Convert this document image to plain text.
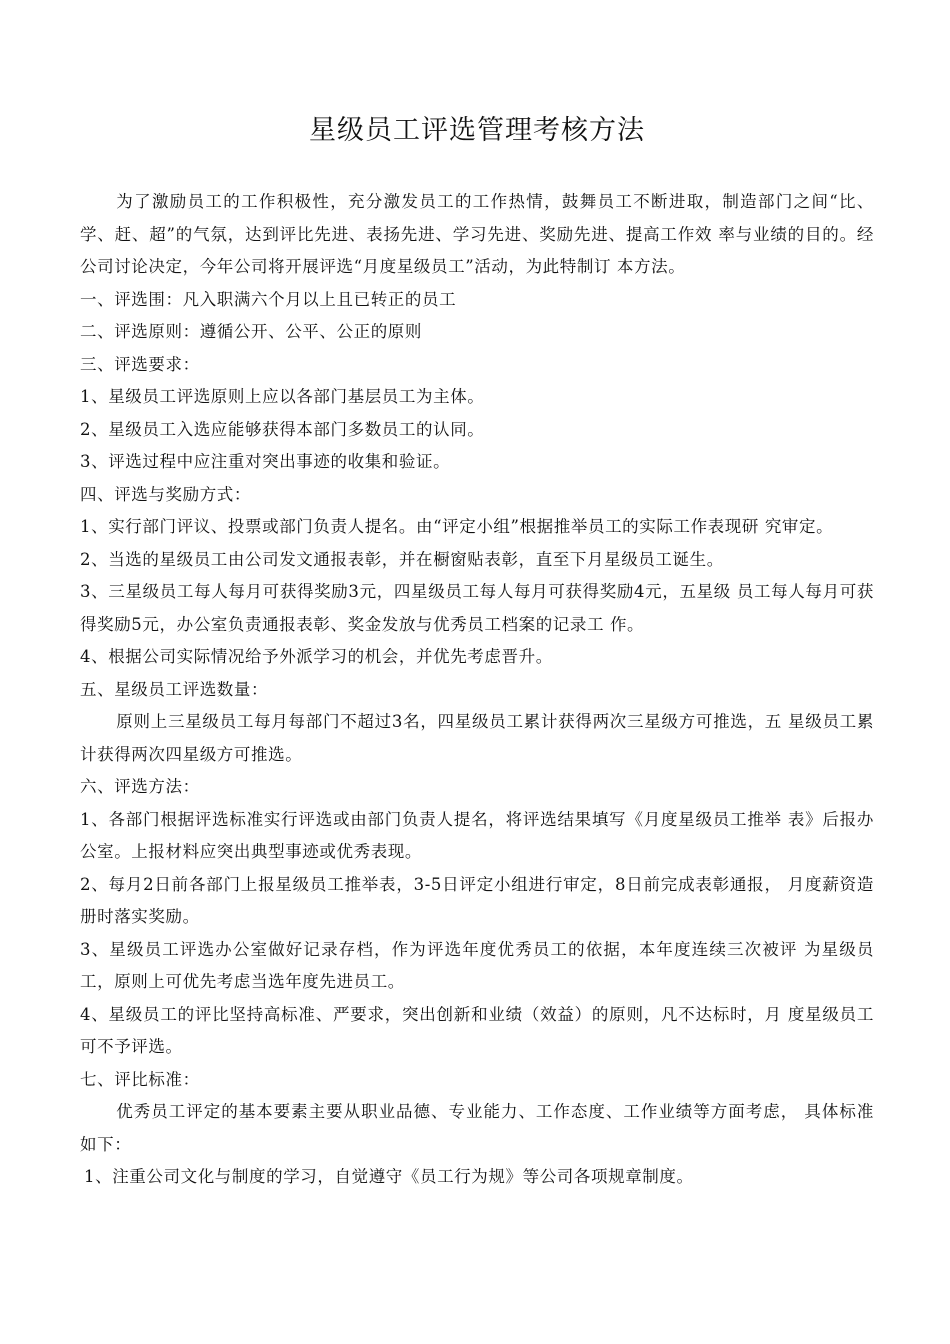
星级员工评选管理考核方法

为了激励员工的工作积极性，充分激发员工的工作热情，鼓舞员工不断进取，制造部门之间“比、学、赶、超”的气氛，达到评比先进、表扬先进、学习先进、奖励先进、提高工作效 率与业绩的目的。经公司讨论决定，今年公司将开展评选“月度星级员工”活动，为此特制订 本方法。

一、评选围：凡入职满六个月以上且已转正的员工

二、评选原则：遵循公开、公平、公正的原则

三、评选要求：

1、星级员工评选原则上应以各部门基层员工为主体。

2、星级员工入选应能够获得本部门多数员工的认同。

3、评选过程中应注重对突出事迹的收集和验证。

四、评选与奖励方式：

1、实行部门评议、投票或部门负责人提名。由“评定小组”根据推举员工的实际工作表现研 究审定。

2、当选的星级员工由公司发文通报表彰，并在橱窗贴表彰，直至下月星级员工诞生。

3、三星级员工每人每月可获得奖励3元，四星级员工每人每月可获得奖励4元，五星级 员工每人每月可获得奖励5元，办公室负责通报表彰、奖金发放与优秀员工档案的记录工 作。

4、根据公司实际情况给予外派学习的机会，并优先考虑晋升。

五、星级员工评选数量：

原则上三星级员工每月每部门不超过3名，四星级员工累计获得两次三星级方可推选，五 星级员工累计获得两次四星级方可推选。

六、评选方法：

1、各部门根据评选标准实行评选或由部门负责人提名，将评选结果填写《月度星级员工推举 表》后报办公室。上报材料应突出典型事迹或优秀表现。

2、每月2日前各部门上报星级员工推举表，3-5日评定小组进行审定，8日前完成表彰通报， 月度薪资造册时落实奖励。

3、星级员工评选办公室做好记录存档，作为评选年度优秀员工的依据，本年度连续三次被评 为星级员工，原则上可优先考虑当选年度先进员工。

4、星级员工的评比坚持高标准、严要求，突出创新和业绩（效益）的原则，凡不达标时，月 度星级员工可不予评选。

七、评比标准：

优秀员工评定的基本要素主要从职业品德、专业能力、工作态度、工作业绩等方面考虑， 具体标准如下：

1、注重公司文化与制度的学习，自觉遵守《员工行为规》等公司各项规章制度。
